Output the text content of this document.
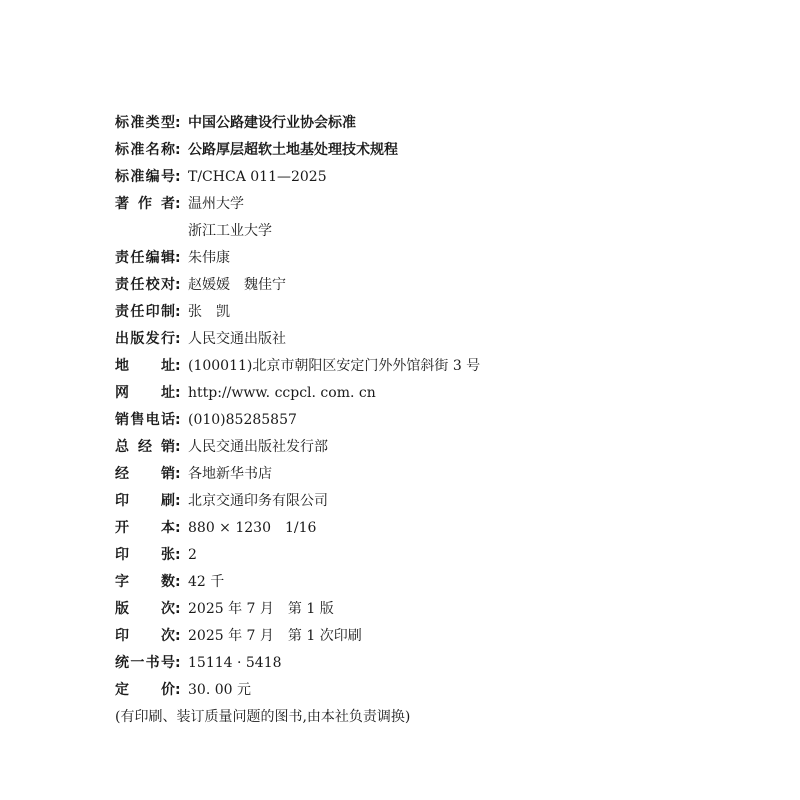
标准类型 : 中国公路建设行业协会标准
标准名称 : 公路厚层超软土地基处理技术规程
标准编号 : T/CHCA 011—2025
著作者 : 温州大学
浙江工业大学
责任编辑 : 朱伟康
责任校对 : 赵媛媛　魏佳宁
责任印制 : 张　凯
出版发行 : 人民交通出版社
地址 : (100011)北京市朝阳区安定门外外馆斜街 3 号
网址 : http://www. ccpcl. com. cn
销售电话 : (010)85285857
总经销 : 人民交通出版社发行部
经销 : 各地新华书店
印刷 : 北京交通印务有限公司
开本 : 880 × 1230　1/16
印张 : 2
字数 : 42 千
版次 : 2025 年 7 月　第 1 版
印次 : 2025 年 7 月　第 1 次印刷
统一书号 : 15114 · 5418
定价 : 30. 00 元
(有印刷、装订质量问题的图书,由本社负责调换)
